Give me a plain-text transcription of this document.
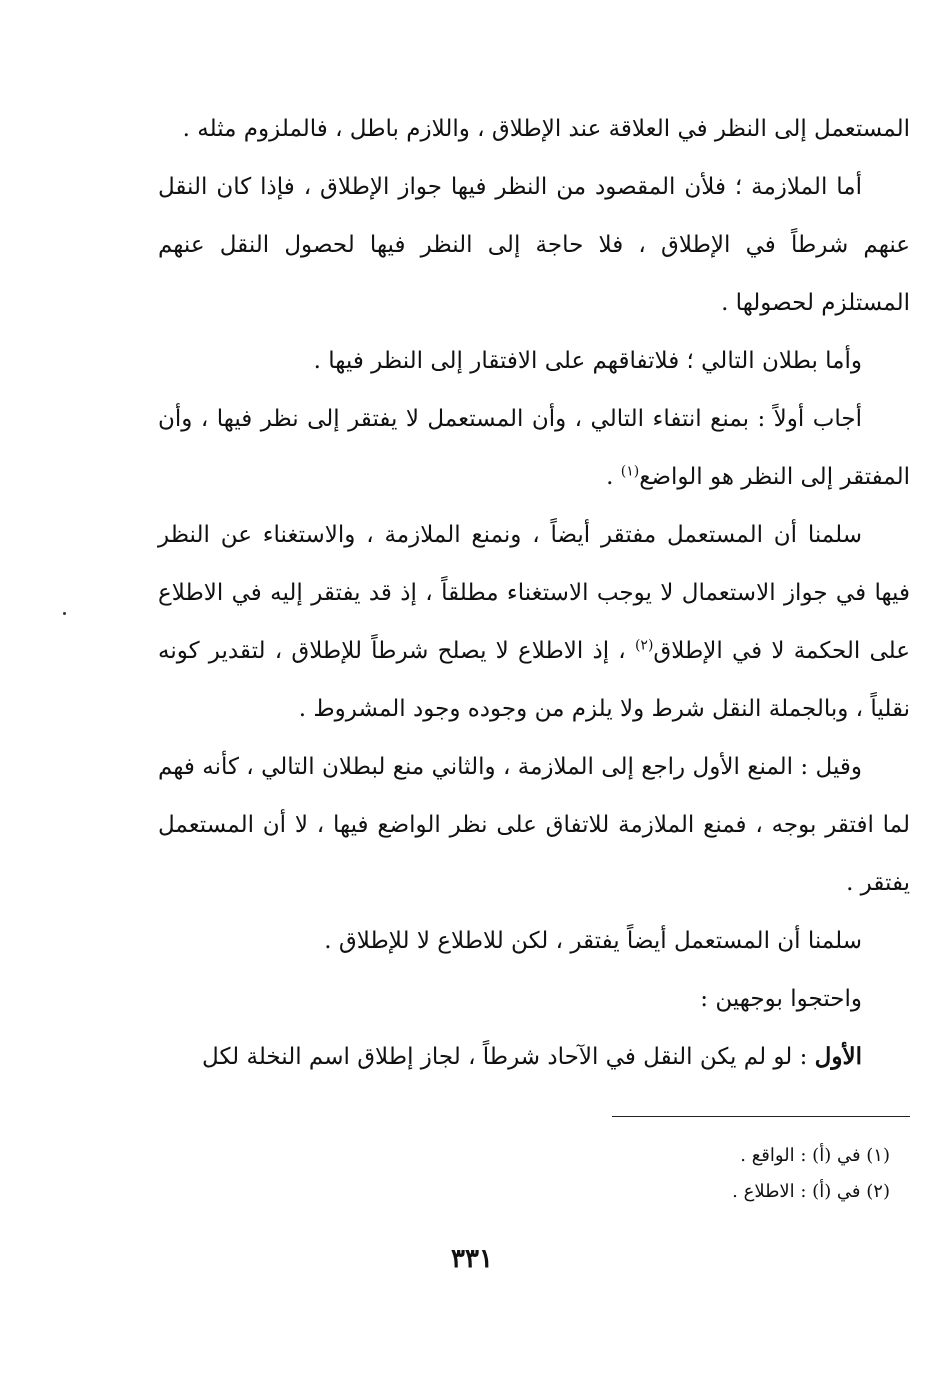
المستعمل إلى النظر في العلاقة عند الإطلاق ، واللازم باطل ، فالملزوم مثله .

أما الملازمة ؛ فلأن المقصود من النظر فيها جواز الإطلاق ، فإذا كان النقل عنهم شرطاً في الإطلاق ، فلا حاجة إلى النظر فيها لحصول النقل عنهم المستلزم لحصولها .

وأما بطلان التالي ؛ فلاتفاقهم على الافتقار إلى النظر فيها .

أجاب أولاً : بمنع انتفاء التالي ، وأن المستعمل لا يفتقر إلى نظر فيها ، وأن المفتقر إلى النظر هو الواضع$^{(١)}$ .

سلمنا أن المستعمل مفتقر أيضاً ، ونمنع الملازمة ، والاستغناء عن النظر فيها في جواز الاستعمال لا يوجب الاستغناء مطلقاً ، إذ قد يفتقر إليه في الاطلاع على الحكمة لا في الإطلاق$^{(٢)}$ ، إذ الاطلاع لا يصلح شرطاً للإطلاق ، لتقدير كونه نقلياً ، وبالجملة النقل شرط ولا يلزم من وجوده وجود المشروط .

وقيل : المنع الأول راجع إلى الملازمة ، والثاني منع لبطلان التالي ، كأنه فهم لما افتقر بوجه ، فمنع الملازمة للاتفاق على نظر الواضع فيها ، لا أن المستعمل يفتقر .

سلمنا أن المستعمل أيضاً يفتقر ، لكن للاطلاع لا للإطلاق .

واحتجوا بوجهين :

الأول : لو لم يكن النقل في الآحاد شرطاً ، لجاز إطلاق اسم النخلة لكل

(١) في (أ) : الواقع .
(٢) في (أ) : الاطلاع .
٣٣١
